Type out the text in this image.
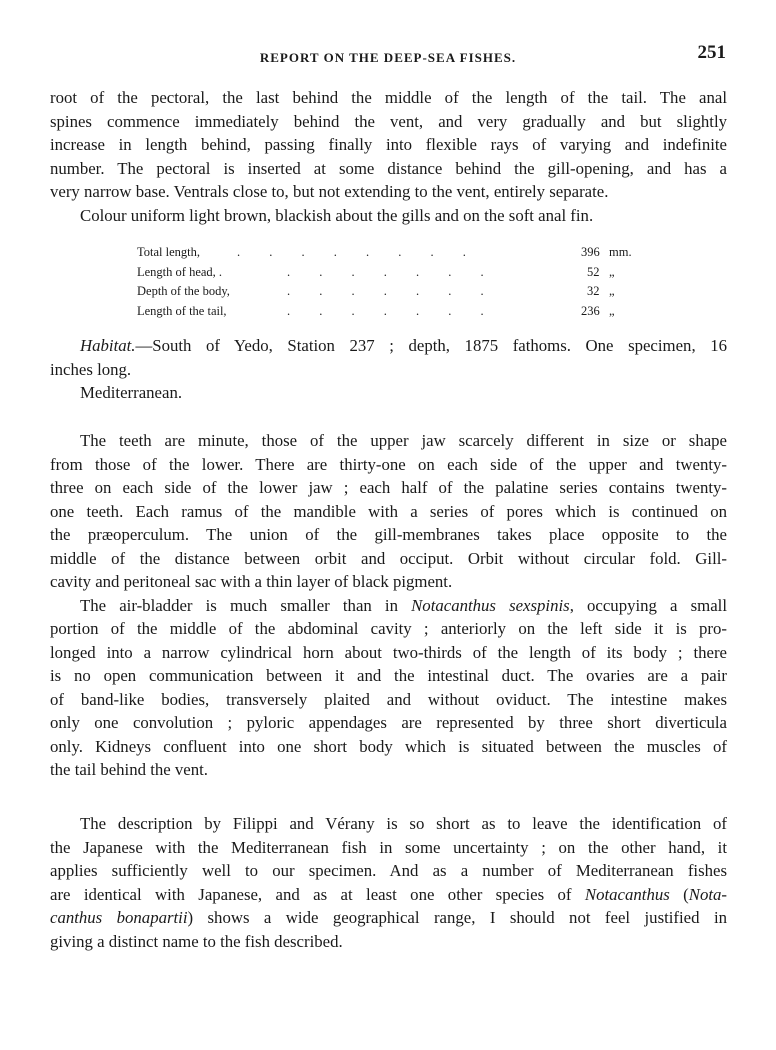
REPORT ON THE DEEP-SEA FISHES.	251
root of the pectoral, the last behind the middle of the length of the tail. The anal
spines commence immediately behind the vent, and very gradually and but slightly
increase in length behind, passing finally into flexible rays of varying and indefinite
number. The pectoral is inserted at some distance behind the gill-opening, and has a
very narrow base. Ventrals close to, but not extending to the vent, entirely separate.
Colour uniform light brown, blackish about the gills and on the soft anal fin.
Total length,	. . . . . . . .	396 mm.
Length of head, .	. . . . . . .	52 „
Depth of the body,	. . . . . . .	32 „
Length of the tail,	. . . . . . .	236 „
Habitat.—South of Yedo, Station 237 ; depth, 1875 fathoms. One specimen, 16
inches long.
Mediterranean.
The teeth are minute, those of the upper jaw scarcely different in size or shape
from those of the lower. There are thirty-one on each side of the upper and twenty-
three on each side of the lower jaw ; each half of the palatine series contains twenty-
one teeth. Each ramus of the mandible with a series of pores which is continued on
the præoperculum. The union of the gill-membranes takes place opposite to the
middle of the distance between orbit and occiput. Orbit without circular fold. Gill-
cavity and peritoneal sac with a thin layer of black pigment.
The air-bladder is much smaller than in Notacanthus sexspinis, occupying a small
portion of the middle of the abdominal cavity ; anteriorly on the left side it is pro-
longed into a narrow cylindrical horn about two-thirds of the length of its body ; there
is no open communication between it and the intestinal duct. The ovaries are a pair
of band-like bodies, transversely plaited and without oviduct. The intestine makes
only one convolution ; pyloric appendages are represented by three short diverticula
only. Kidneys confluent into one short body which is situated between the muscles of
the tail behind the vent.
The description by Filippi and Vérany is so short as to leave the identification of
the Japanese with the Mediterranean fish in some uncertainty ; on the other hand, it
applies sufficiently well to our specimen. And as a number of Mediterranean fishes
are identical with Japanese, and as at least one other species of Notacanthus (Nota-
canthus bonapartii) shows a wide geographical range, I should not feel justified in
giving a distinct name to the fish described.
